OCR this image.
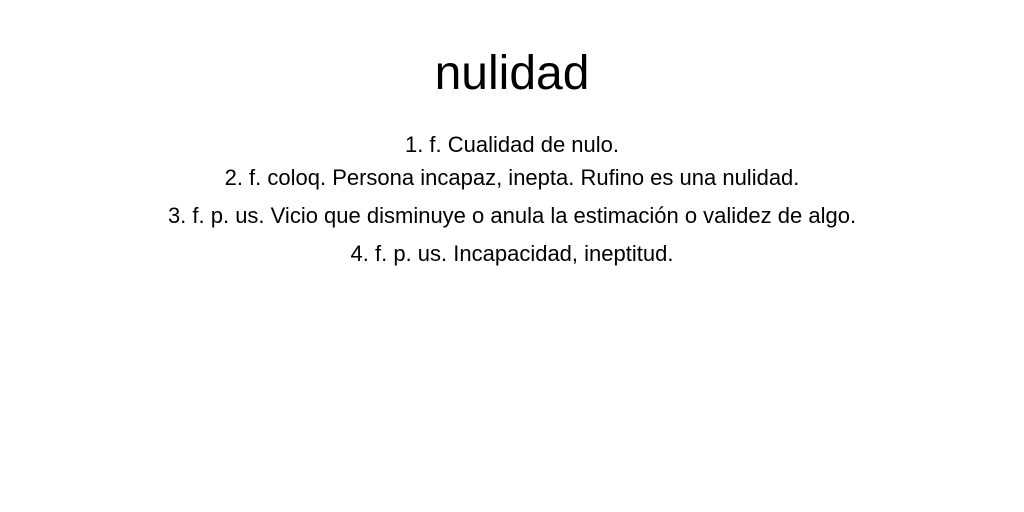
nulidad

1. f. Cualidad de nulo.

2. f. coloq. Persona incapaz, inepta. Rufino es una nulidad.

3. f. p. us. Vicio que disminuye o anula la estimación o validez de algo.

4. f. p. us. Incapacidad, ineptitud.
